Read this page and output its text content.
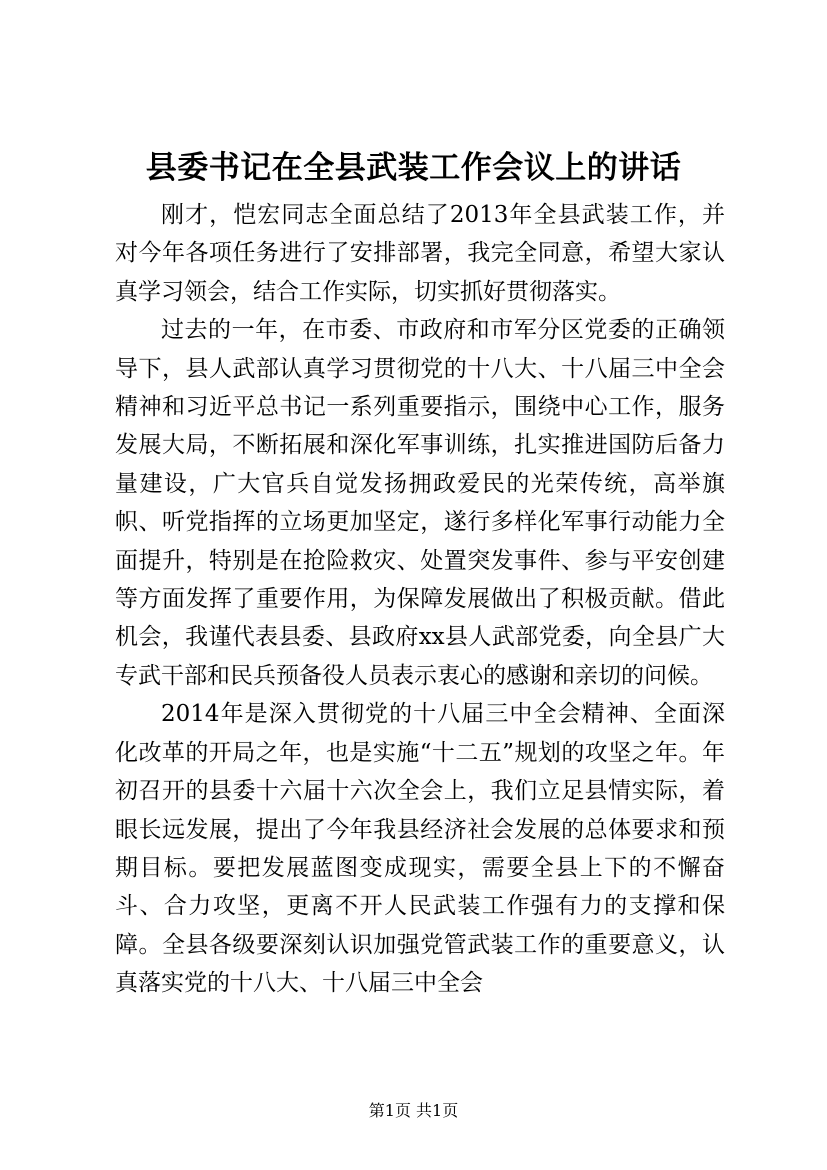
县委书记在全县武装工作会议上的讲话

刚才，恺宏同志全面总结了2013年全县武装工作，并对今年各项任务进行了安排部署，我完全同意，希望大家认真学习领会，结合工作实际，切实抓好贯彻落实。

过去的一年，在市委、市政府和市军分区党委的正确领导下，县人武部认真学习贯彻党的十八大、十八届三中全会精神和习近平总书记一系列重要指示，围绕中心工作，服务发展大局，不断拓展和深化军事训练，扎实推进国防后备力量建设，广大官兵自觉发扬拥政爱民的光荣传统，高举旗帜、听党指挥的立场更加坚定，遂行多样化军事行动能力全面提升，特别是在抢险救灾、处置突发事件、参与平安创建等方面发挥了重要作用，为保障发展做出了积极贡献。借此机会，我谨代表县委、县政府xx县人武部党委，向全县广大专武干部和民兵预备役人员表示衷心的感谢和亲切的问候。

2014年是深入贯彻党的十八届三中全会精神、全面深化改革的开局之年，也是实施“十二五”规划的攻坚之年。年初召开的县委十六届十六次全会上，我们立足县情实际，着眼长远发展，提出了今年我县经济社会发展的总体要求和预期目标。要把发展蓝图变成现实，需要全县上下的不懈奋斗、合力攻坚，更离不开人民武装工作强有力的支撑和保障。全县各级要深刻认识加强党管武装工作的重要意义，认真落实党的十八大、十八届三中全会

第1页 共1页
